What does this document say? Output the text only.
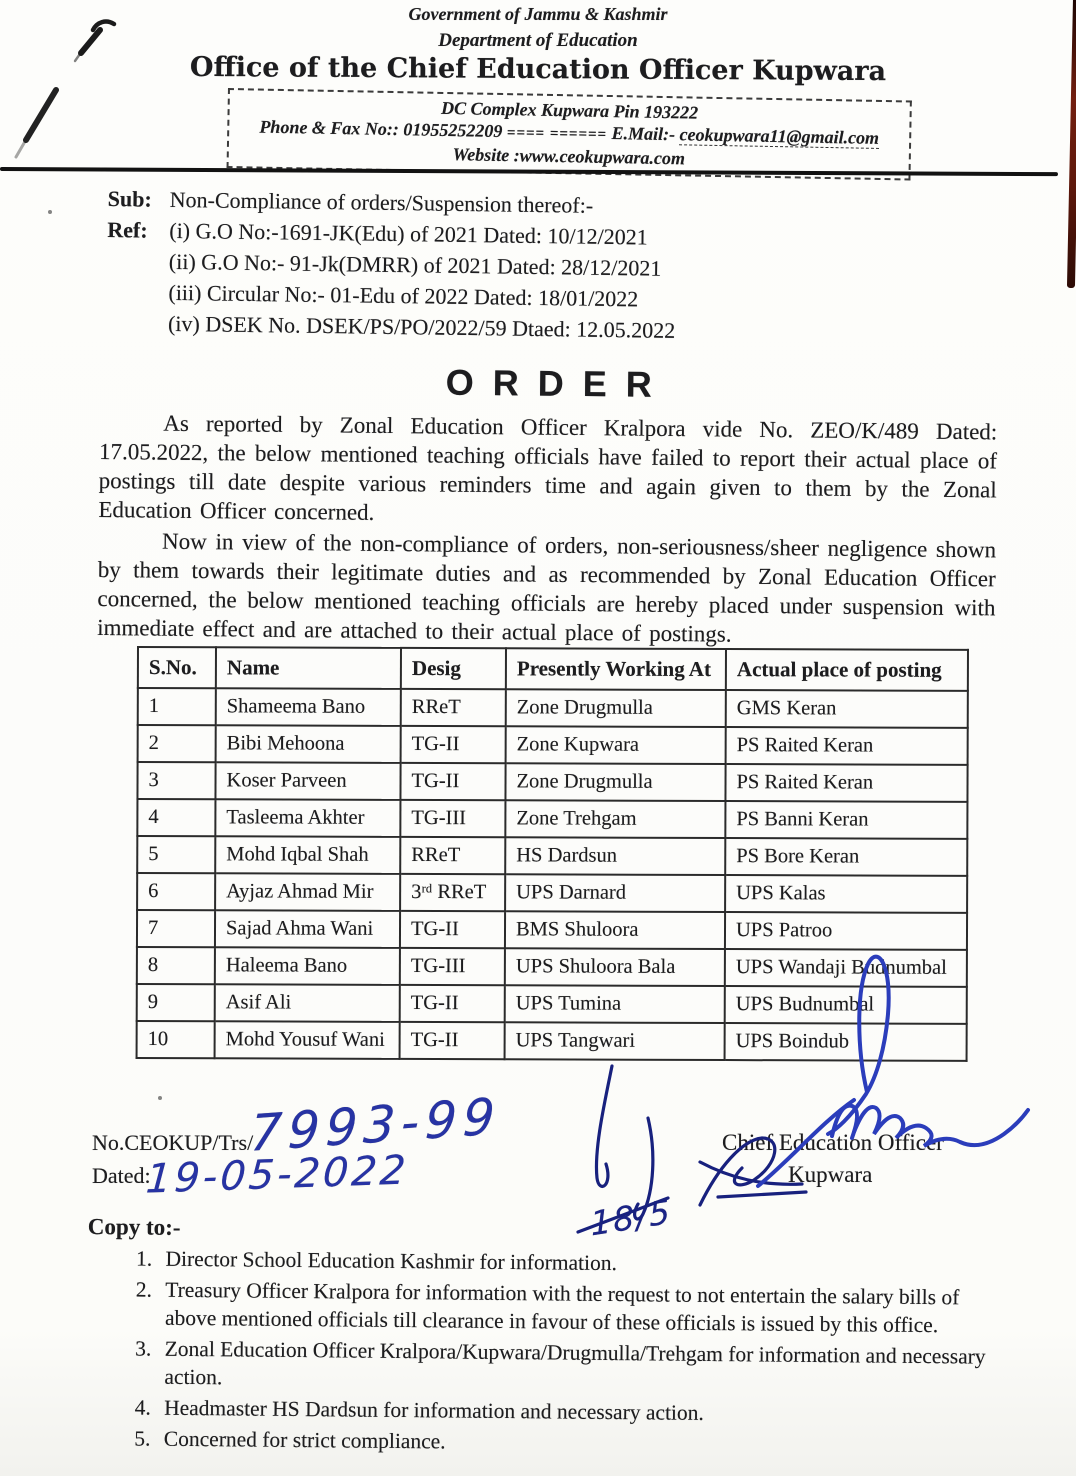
Government of Jammu & Kashmir
Department of Education
Office of the Chief Education Officer Kupwara
DC Complex Kupwara Pin 193222
Phone & Fax No:: 01955252209 ==== ====== E.Mail:- ceokupwara11@gmail.com
Website :www.ceokupwara.com
Sub: Non-Compliance of orders/Suspension thereof:-
Ref: (i) G.O No:-1691-JK(Edu) of 2021 Dated: 10/12/2021
(ii) G.O No:- 91-Jk(DMRR) of 2021 Dated: 28/12/2021
(iii) Circular No:- 01-Edu of 2022 Dated: 18/01/2022
(iv) DSEK No. DSEK/PS/PO/2022/59 Dtaed: 12.05.2022
ORDER
As reported by Zonal Education Officer Kralpora vide No. ZEO/K/489 Dated: 17.05.2022, the below mentioned teaching officials have failed to report their actual place of postings till date despite various reminders time and again given to them by the Zonal Education Officer concerned.
Now in view of the non-compliance of orders, non-seriousness/sheer negligence shown by them towards their legitimate duties and as recommended by Zonal Education Officer concerned, the below mentioned teaching officials are hereby placed under suspension with immediate effect and are attached to their actual place of postings.
S.No.	Name	Desig	Presently Working At	Actual place of posting
1	Shameema Bano	RReT	Zone Drugmulla	GMS Keran
2	Bibi Mehoona	TG-II	Zone Kupwara	PS Raited Keran
3	Koser Parveen	TG-II	Zone Drugmulla	PS Raited Keran
4	Tasleema Akhter	TG-III	Zone Trehgam	PS Banni Keran
5	Mohd Iqbal Shah	RReT	HS Dardsun	PS Bore Keran
6	Ayjaz Ahmad Mir	3ʳᵈ RReT	UPS Darnard	UPS Kalas
7	Sajad Ahma Wani	TG-II	BMS Shuloora	UPS Patroo
8	Haleema Bano	TG-III	UPS Shuloora Bala	UPS Wandaji Budnumbal
9	Asif Ali	TG-II	UPS Tumina	UPS Budnumbal
10	Mohd Yousuf Wani	TG-II	UPS Tangwari	UPS Boindub
No.CEOKUP/Trs/
7993-99
Dated:
19-05-2022
Chief Education Officer
Kupwara
18/5
Copy to:-
1. Director School Education Kashmir for information.
2. Treasury Officer Kralpora for information with the request to not entertain the salary bills of above mentioned officials till clearance in favour of these officials is issued by this office.
3. Zonal Education Officer Kralpora/Kupwara/Drugmulla/Trehgam for information and necessary action.
4. Headmaster HS Dardsun for information and necessary action.
5. Concerned for strict compliance.
